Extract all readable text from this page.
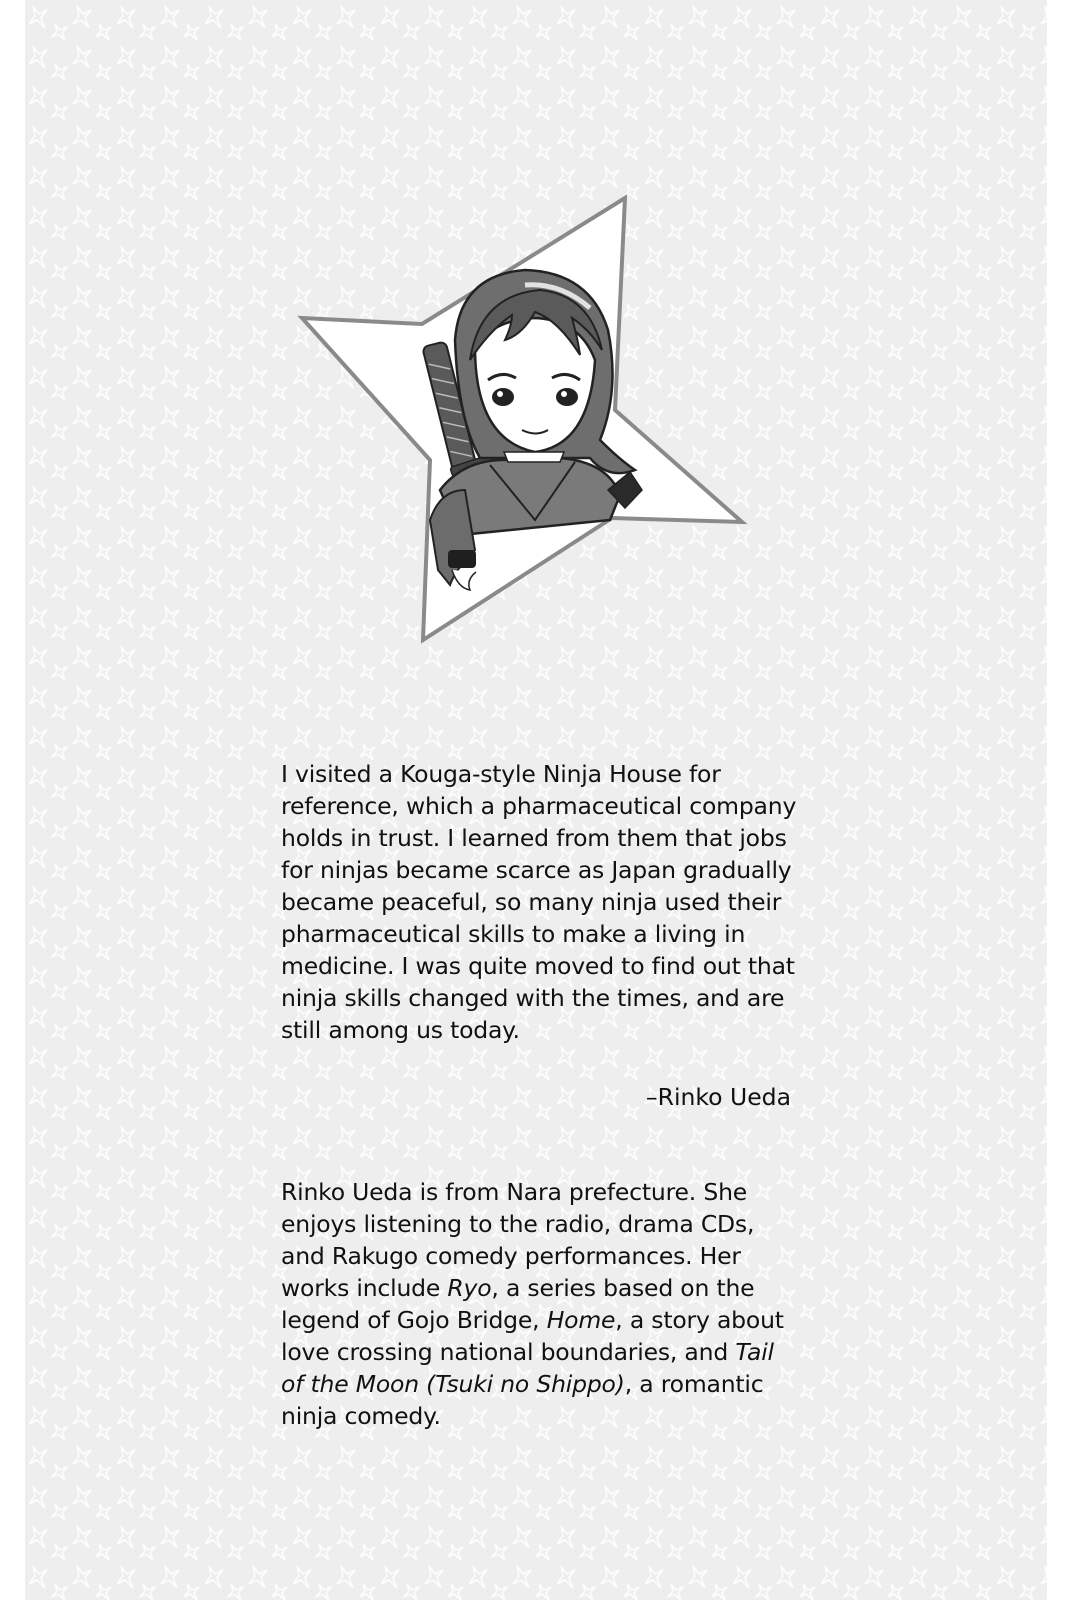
I visited a Kouga-style Ninja House for reference, which a pharmaceutical company holds in trust. I learned from them that jobs for ninjas became scarce as Japan gradually became peaceful, so many ninja used their pharmaceutical skills to make a living in medicine. I was quite moved to find out that ninja skills changed with the times, and are still among us today.

–Rinko Ueda

Rinko Ueda is from Nara prefecture. She enjoys listening to the radio, drama CDs, and Rakugo comedy performances. Her works include Ryo, a series based on the legend of Gojo Bridge, Home, a story about love crossing national boundaries, and Tail of the Moon (Tsuki no Shippo), a romantic ninja comedy.
